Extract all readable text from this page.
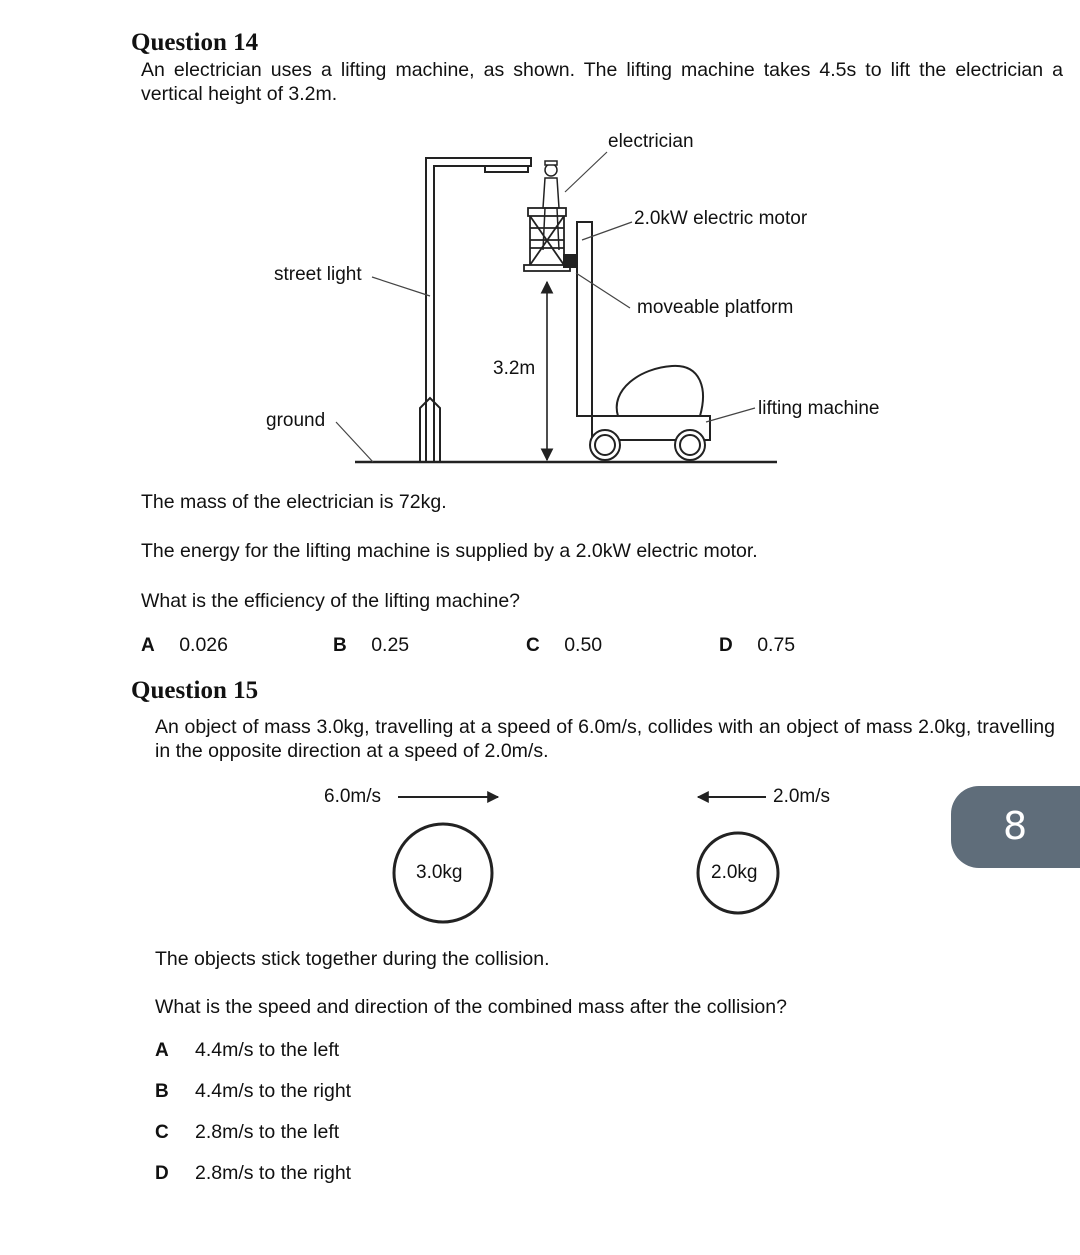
Question 14
An electrician uses a lifting machine, as shown. The lifting machine takes 4.5s to lift the electrician a vertical height of 3.2m.
electrician
2.0kW electric motor
street light
moveable platform
3.2m
lifting machine
ground
The mass of the electrician is 72kg.
The energy for the lifting machine is supplied by a 2.0kW electric motor.
What is the efficiency of the lifting machine?
A 0.026	B 0.25	C 0.50	D 0.75
Question 15
An object of mass 3.0kg, travelling at a speed of 6.0m/s, collides with an object of mass 2.0kg, travelling in the opposite direction at a speed of 2.0m/s.
6.0m/s	2.0m/s
3.0kg	2.0kg
8
The objects stick together during the collision.
What is the speed and direction of the combined mass after the collision?
A 4.4m/s to the left
B 4.4m/s to the right
C 2.8m/s to the left
D 2.8m/s to the right
